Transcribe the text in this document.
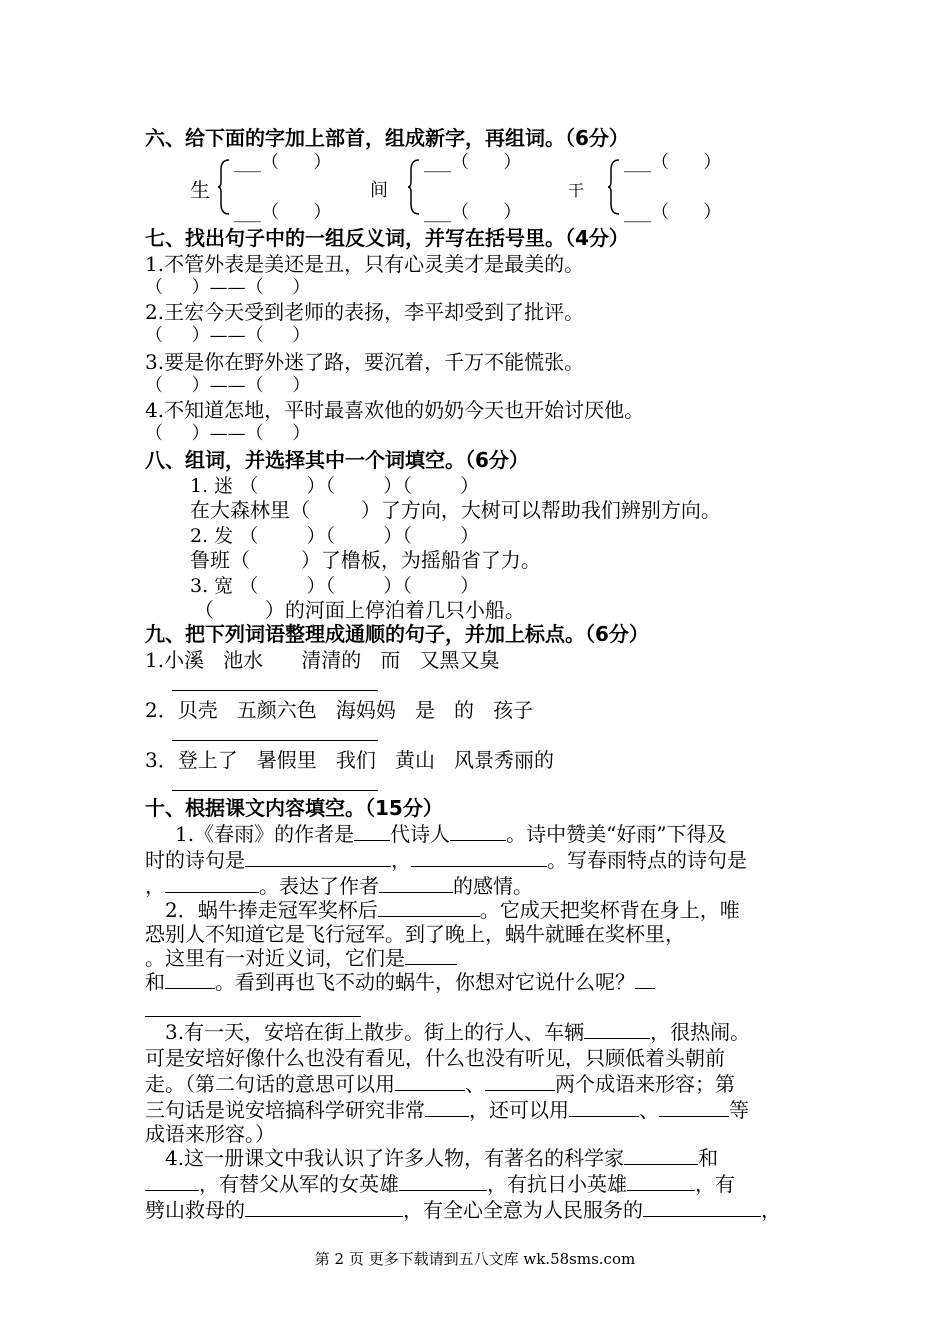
六、给下面的字加上部首，组成新字，再组词。（6分）
生
___（      ）
___（      ）
间
___（      ）
___（      ）
干
___（      ）
___（      ）
七、找出句子中的一组反义词，并写在括号里。（4分）
1.不管外表是美还是丑，只有心灵美才是最美的。
（     ）——（     ）
2.王宏今天受到老师的表扬，李平却受到了批评。
（     ）——（     ）
3.要是你在野外迷了路，要沉着，千万不能慌张。
（     ）——（     ）
4.不知道怎地，平时最喜欢他的奶奶今天也开始讨厌他。
（     ）——（     ）
八、组词，并选择其中一个词填空。（6分）
1. 迷 （        ）（        ）（        ）
在大森林里（        ）了方向，大树可以帮助我们辨别方向。
2. 发 （        ）（        ）（        ）
鲁班（        ）了橹板，为摇船省了力。
3. 宽 （        ）（        ）（        ）
（        ）的河面上停泊着几只小船。
九、把下列词语整理成通顺的句子，并加上标点。（6分）
1.小溪   池水      清清的   而   又黑又臭
2．贝壳   五颜六色   海妈妈   是   的   孩子
3．登上了   暑假里   我们   黄山   风景秀丽的
十、根据课文内容填空。（15分）
1.《春雨》的作者是 代诗人	。诗中赞美“好雨”下得及
时的诗句是	，	。写春雨特点的诗句是
，	。表达了作者	的感情。
2．蜗牛捧走冠军奖杯后	。它成天把奖杯背在身上，唯
恐别人不知道它是飞行冠军。到了晚上，蜗牛就睡在奖杯里，
。这里有一对近义词，它们是
和	。看到再也飞不动的蜗牛，你想对它说什么呢？
3.有一天，安培在街上散步。街上的行人、车辆	，很热闹。
可是安培好像什么也没有看见，什么也没有听见，只顾低着头朝前
走。（第二句话的意思可以用	、	两个成语来形容；第
三句话是说安培搞科学研究非常 ，还可以用	、	等
成语来形容。）
4.这一册课文中我认识了许多人物，有著名的科学家	和
，有替父从军的女英雄	，有抗日小英雄	，有
劈山救母的	，有全心全意为人民服务的	，
第 2 页 更多下载请到五八文库 wk.58sms.com
